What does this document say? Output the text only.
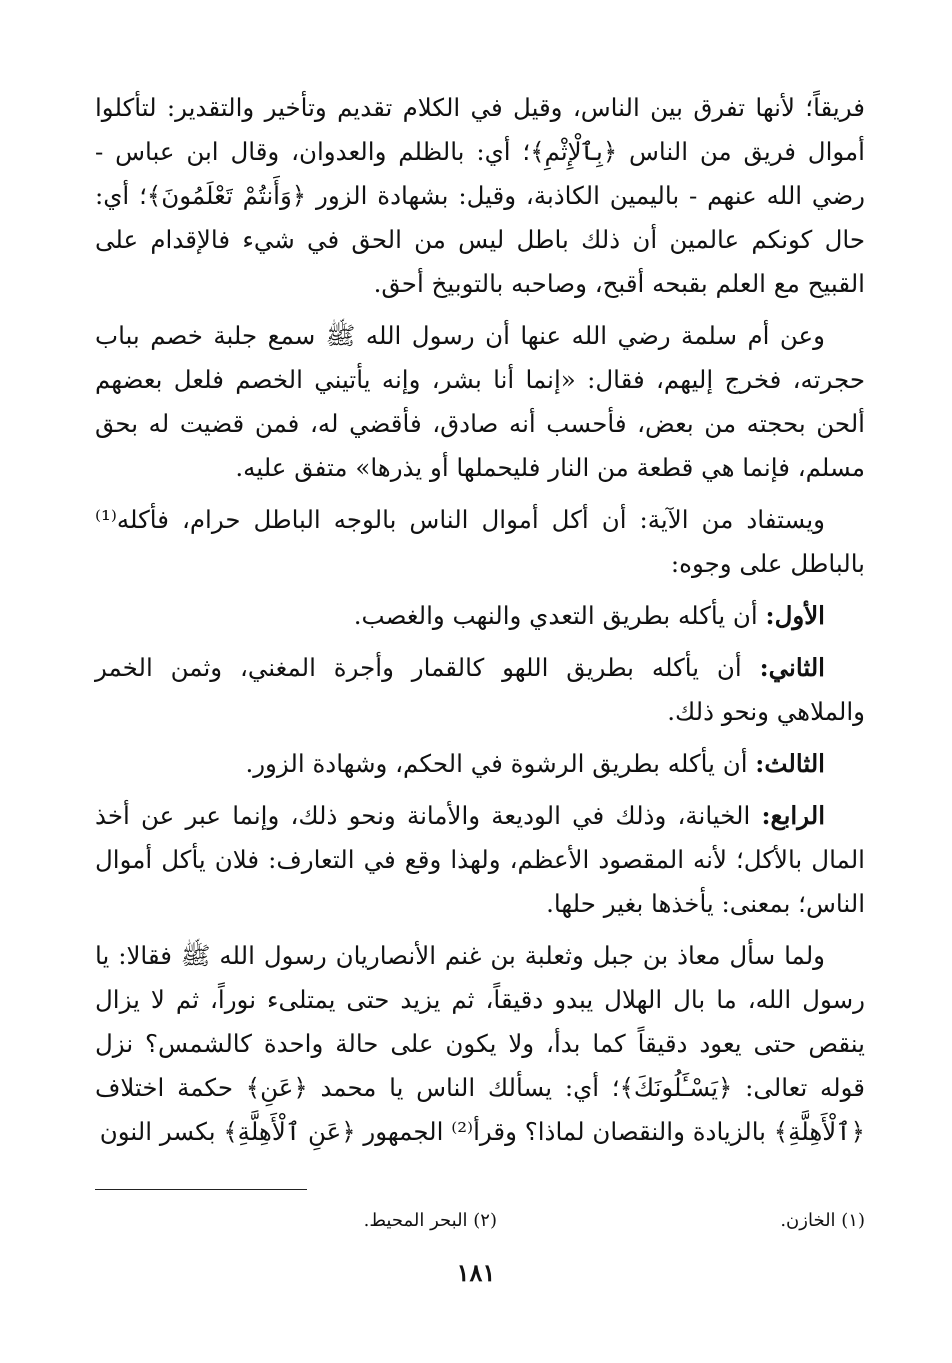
فريقاً؛ لأنها تفرق بين الناس، وقيل في الكلام تقديم وتأخير والتقدير: لتأكلوا أموال فريق من الناس ﴿بِٱلْإِثْمِ﴾؛ أي: بالظلم والعدوان، وقال ابن عباس - رضي الله عنهم - باليمين الكاذبة، وقيل: بشهادة الزور ﴿وَأَنتُمْ تَعْلَمُونَ﴾؛ أي: حال كونكم عالمين أن ذلك باطل ليس من الحق في شيء فالإقدام على القبيح مع العلم بقبحه أقبح، وصاحبه بالتوبيخ أحق.

وعن أم سلمة رضي الله عنها أن رسول الله ﷺ سمع جلبة خصم بباب حجرته، فخرج إليهم، فقال: «إنما أنا بشر، وإنه يأتيني الخصم فلعل بعضهم ألحن بحجته من بعض، فأحسب أنه صادق، فأقضي له، فمن قضيت له بحق مسلم، فإنما هي قطعة من النار فليحملها أو يذرها» متفق عليه.

ويستفاد من الآية: أن أكل أموال الناس بالوجه الباطل حرام، فأكله⁽¹⁾ بالباطل على وجوه:

الأول: أن يأكله بطريق التعدي والنهب والغصب.

الثاني: أن يأكله بطريق اللهو كالقمار وأجرة المغني، وثمن الخمر والملاهي ونحو ذلك.

الثالث: أن يأكله بطريق الرشوة في الحكم، وشهادة الزور.

الرابع: الخيانة، وذلك في الوديعة والأمانة ونحو ذلك، وإنما عبر عن أخذ المال بالأكل؛ لأنه المقصود الأعظم، ولهذا وقع في التعارف: فلان يأكل أموال الناس؛ بمعنى: يأخذها بغير حلها.

ولما سأل معاذ بن جبل وثعلبة بن غنم الأنصاريان رسول الله ﷺ فقالا: يا رسول الله، ما بال الهلال يبدو دقيقاً، ثم يزيد حتى يمتلىء نوراً، ثم لا يزال ينقص حتى يعود دقيقاً كما بدأ، ولا يكون على حالة واحدة كالشمس؟ نزل قوله تعالى: ﴿يَسْـَٔلُونَكَ﴾؛ أي: يسألك الناس يا محمد ﴿عَنِ﴾ حكمة اختلاف ﴿ٱلْأَهِلَّةِ﴾ بالزيادة والنقصان لماذا؟ وقرأ⁽²⁾ الجمهور ﴿عَنِ ٱلْأَهِلَّةِ﴾ بكسر النون

(١) الخازن.
(٢) البحر المحيط.
١٨١
